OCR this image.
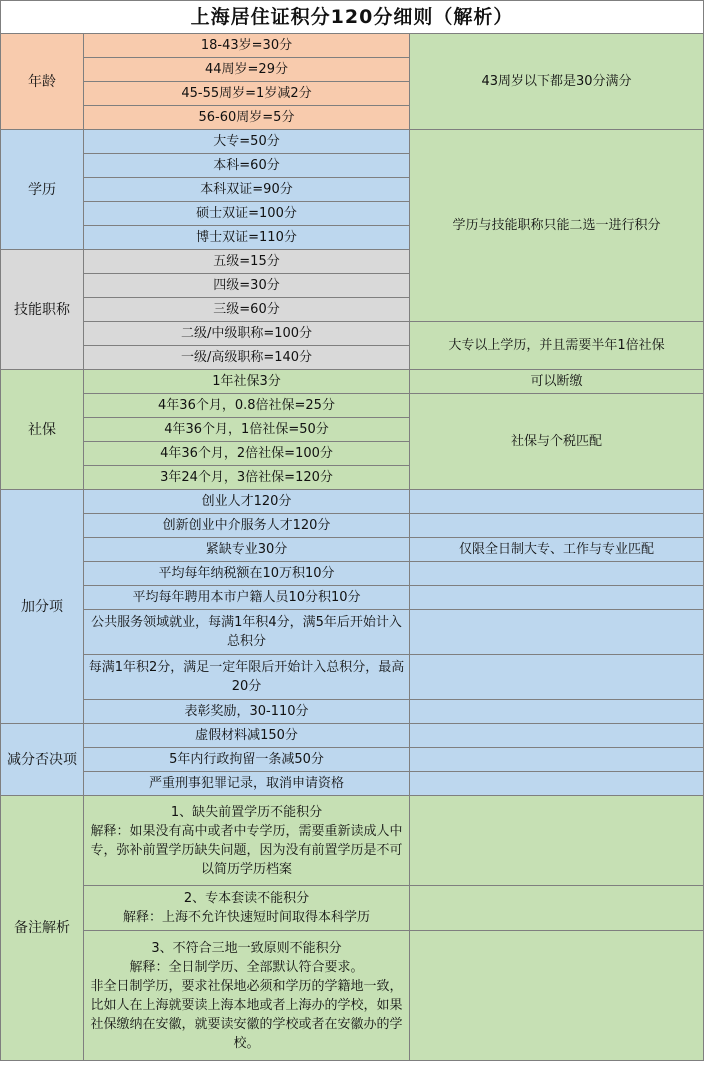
上海居住证积分120分细则（解析）		
年龄	18-43岁=30分	43周岁以下都是30分满分
	44周岁=29分	
	45-55周岁=1岁减2分	
	56-60周岁=5分	
学历	大专=50分	学历与技能职称只能二选一进行积分
	本科=60分	
	本科双证=90分	
	硕士双证=100分	
	博士双证=110分	
技能职称	五级=15分	
	四级=30分	
	三级=60分	
	二级/中级职称=100分	大专以上学历，并且需要半年1倍社保
	一级/高级职称=140分	
社保	1年社保3分	可以断缴
	4年36个月，0.8倍社保=25分	社保与个税匹配
	4年36个月，1倍社保=50分	
	4年36个月，2倍社保=100分	
	3年24个月，3倍社保=120分	
加分项	创业人才120分	
	创新创业中介服务人才120分	
	紧缺专业30分	仅限全日制大专、工作与专业匹配
	平均每年纳税额在10万积10分	
	平均每年聘用本市户籍人员10分积10分	
	公共服务领域就业，每满1年积4分，满5年后开始计入总积分	
	每满1年积2分，满足一定年限后开始计入总积分，最高20分	
	表彰奖励，30-110分	
减分否决项	虚假材料减150分	
	5年内行政拘留一条减50分	
	严重刑事犯罪记录，取消申请资格	
备注解析	1、缺失前置学历不能积分
解释：如果没有高中或者中专学历，需要重新读成人中专，弥补前置学历缺失问题，因为没有前置学历是不可以简历学历档案	

	2、专本套读不能积分
解释：上海不允许快速短时间取得本科学历	

	3、不符合三地一致原则不能积分
解释：全日制学历、全部默认符合要求。
非全日制学历，要求社保地必须和学历的学籍地一致，比如人在上海就要读上海本地或者上海办的学校，如果社保缴纳在安徽，就要读安徽的学校或者在安徽办的学校。	
